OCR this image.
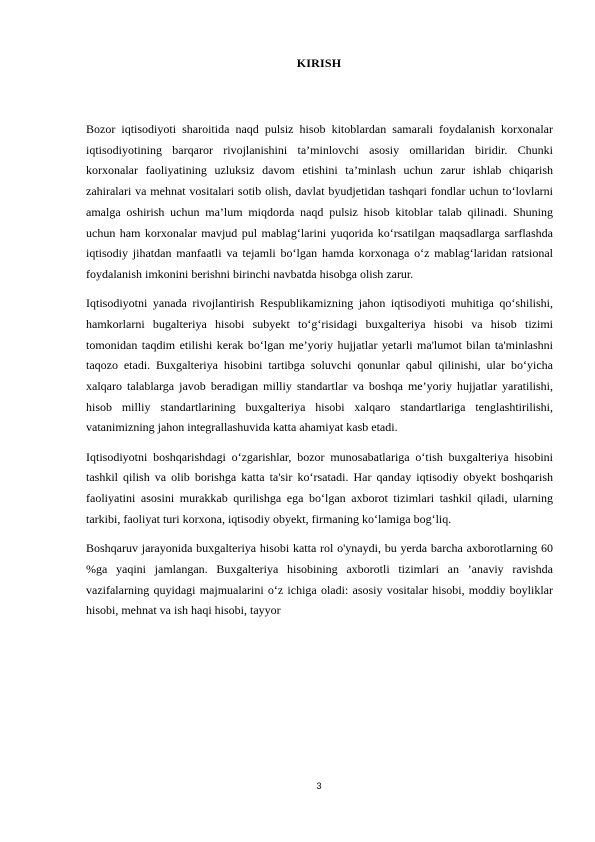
KIRISH

Bozor iqtisodiyoti sharoitida naqd pulsiz hisob kitoblardan samarali foydalanish korxonalar iqtisodiyotining barqaror rivojlanishini ta’minlovchi asosiy omillaridan biridir. Chunki korxonalar faoliyatining uzluksiz davom etishini ta’minlash uchun zarur ishlab chiqarish zahiralari va mehnat vositalari sotib olish, davlat byudjetidan tashqari fondlar uchun to‘lovlarni amalga oshirish uchun ma’lum miqdorda naqd pulsiz hisob kitoblar talab qilinadi. Shuning uchun ham korxonalar mavjud pul mablag‘larini yuqorida ko‘rsatilgan maqsadlarga sarflashda iqtisodiy jihatdan manfaatli va tejamli bo‘lgan hamda korxonaga o‘z mablag‘laridan ratsional foydalanish imkonini berishni birinchi navbatda hisobga olish zarur.

Iqtisodiyotni yanada rivojlantirish Respublikamizning jahon iqtisodiyoti muhitiga qo‘shilishi, hamkorlarni bugalteriya hisobi subyekt to‘g‘risidagi buxgalteriya hisobi va hisob tizimi tomonidan taqdim etilishi kerak bo‘lgan me’yoriy hujjatlar yetarli ma'lumot bilan ta'minlashni taqozo etadi. Buxgalteriya hisobini tartibga soluvchi qonunlar qabul qilinishi, ular bo‘yicha xalqaro talablarga javob beradigan milliy standartlar va boshqa me’yoriy hujjatlar yaratilishi, hisob milliy standartlarining buxgalteriya hisobi xalqaro standartlariga tenglashtirilishi, vatanimizning jahon integrallashuvida katta ahamiyat kasb etadi.

Iqtisodiyotni boshqarishdagi o‘zgarishlar, bozor munosabatlariga o‘tish buxgalteriya hisobini tashkil qilish va olib borishga katta ta'sir ko‘rsatadi. Har qanday iqtisodiy obyekt boshqarish faoliyatini asosini murakkab qurilishga ega bo‘lgan axborot tizimlari tashkil qiladi, ularning tarkibi, faoliyat turi korxona, iqtisodiy obyekt, firmaning ko‘lamiga bog‘liq.

Boshqaruv jarayonida buxgalteriya hisobi katta rol o'ynaydi, bu yerda barcha axborotlarning 60 %ga yaqini jamlangan. Buxgalteriya hisobining axborotli tizimlari an ’anaviy ravishda vazifalarning quyidagi majmualarini o‘z ichiga oladi: asosiy vositalar hisobi, moddiy boyliklar hisobi, mehnat va ish haqi hisobi, tayyor

3
